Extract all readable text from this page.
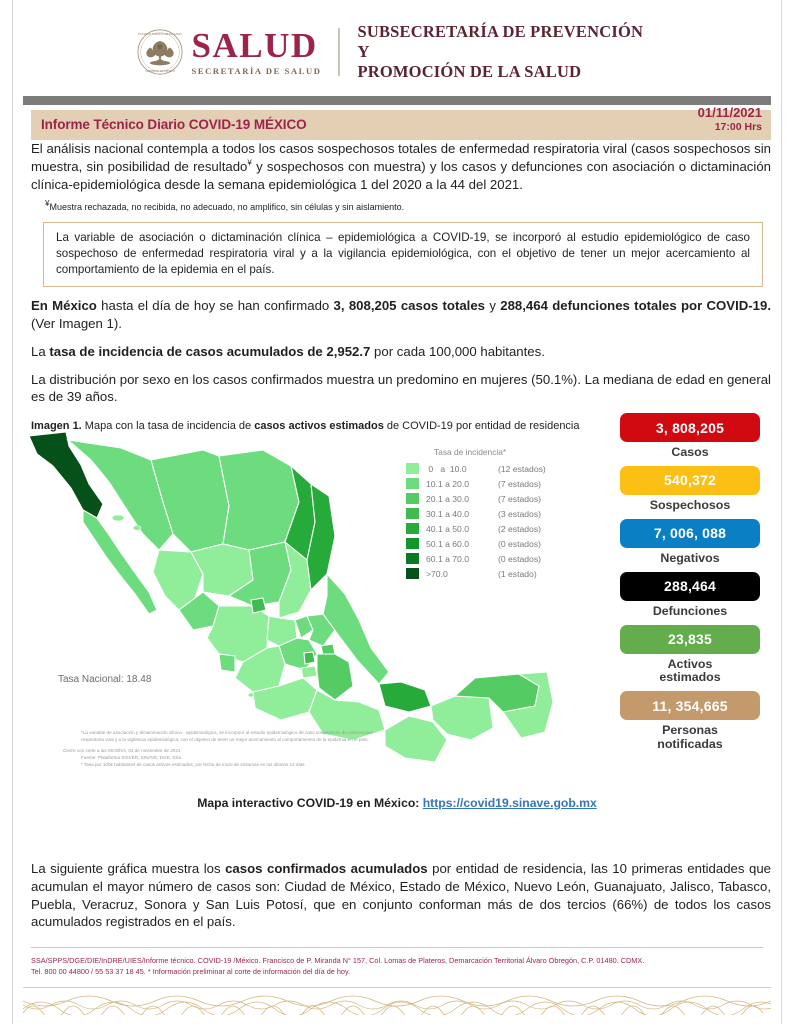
ESTADOS UNIDOS MEXICANOS
GOBIERNO DE MÉXICO
SALUD
SECRETARÍA DE SALUD
SUBSECRETARÍA DE PREVENCIÓN Y
PROMOCIÓN DE LA SALUD
Informe Técnico Diario COVID-19 MÉXICO
01/11/2021
17:00 Hrs

El análisis nacional contempla a todos los casos sospechosos totales de enfermedad respiratoria viral (casos sospechosos sin muestra, sin posibilidad de resultado¥ y sospechosos con muestra) y los casos y defunciones con asociación o dictaminación clínica-epidemiológica desde la semana epidemiológica 1 del 2020 a la 44 del 2021.

¥Muestra rechazada, no recibida, no adecuado, no amplifico, sin células y sin aislamiento.

La variable de asociación o dictaminación clínica – epidemiológica a COVID-19, se incorporó al estudio epidemiológico de caso sospechoso de enfermedad respiratoria viral y a la vigilancia epidemiológica, con el objetivo de tener un mejor acercamiento al comportamiento de la epidemia en el país.

En México hasta el día de hoy se han confirmado 3, 808,205 casos totales y 288,464 defunciones totales por COVID-19. (Ver Imagen 1).

La tasa de incidencia de casos acumulados de 2,952.7 por cada 100,000 habitantes.

La distribución por sexo en los casos confirmados muestra un predomino en mujeres (50.1%). La mediana de edad en general es de 39 años.

Imagen 1. Mapa con la tasa de incidencia de casos activos estimados de COVID-19 por entidad de residencia

Tasa Nacional: 18.48
Tasa de incidencia*
0   a  10.0	(12 estados)
10.1 a 20.0	(7 estados)
20.1 a 30.0	(7 estados)
30.1 a 40.0	(3 estados)
40.1 a 50.0	(2 estados)
50.1 a 60.0	(0 estados)
60.1 a 70.0	(0 estados)
>70.0	(1 estado)
*La variable de asociación y dictaminación clínica - epidemiológica, se incorporó al estudio epidemiológico de caso sospechoso de enfermedad respiratoria viral y a la vigilancia epidemiológica, con el objetivo de tener un mejor acercamiento al comportamiento de la epidemia en el país.
Cierre con corte a las 08:00hrs, 01 de noviembre de 2021
Fuente: Plataforma SISVER, SINAVE, DGE, SSa
* Tasa por 100k habitantes de casos activos estimados, por fecha de inicio de síntomas en los últimos 14 días
3, 808,205
Casos
540,372
Sospechosos
7, 006, 088
Negativos
288,464
Defunciones
23,835
Activos
estimados
11, 354,665
Personas
notificadas
Mapa interactivo COVID-19 en México: https://covid19.sinave.gob.mx

La siguiente gráfica muestra los casos confirmados acumulados por entidad de residencia, las 10 primeras entidades que acumulan el mayor número de casos son: Ciudad de México, Estado de México, Nuevo León, Guanajuato, Jalisco, Tabasco, Puebla, Veracruz, Sonora y San Luis Potosí, que en conjunto conforman más de dos tercios (66%) de todos los casos acumulados registrados en el país.

SSA/SPPS/DGE/DIE/InDRE/UIES/Informe técnico. COVID-19 /México. Francisco de P. Miranda N° 157, Col. Lomas de Plateros, Demarcación Territorial Álvaro Obregón, C.P. 01480. CDMX.
Tel. 800 00 44800 / 55 53 37 18 45. * Información preliminar al corte de información del día de hoy.
